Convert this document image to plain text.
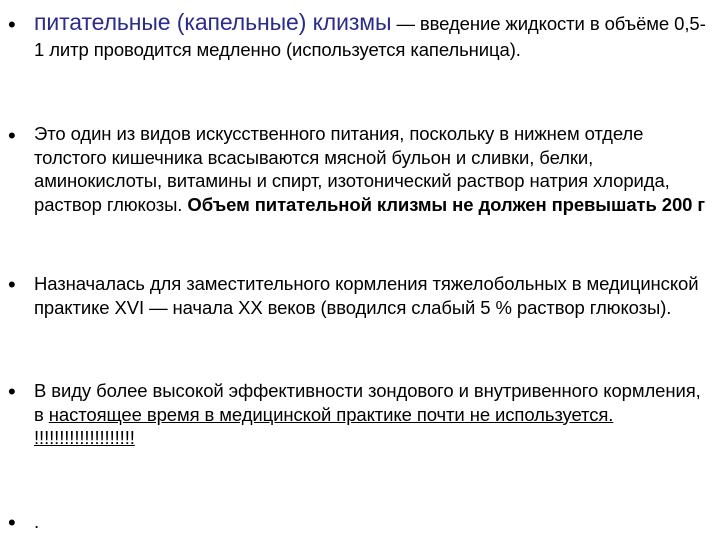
• питательные (капельные) клизмы — введение жидкости в объёме 0,5-1 литр проводится медленно (используется капельница).
• Это один из видов искусственного питания, поскольку в нижнем отделе толстого кишечника всасываются мясной бульон и сливки, белки, аминокислоты, витамины и спирт, изотонический раствор натрия хлорида, раствор глюкозы. Объем питательной клизмы не должен превышать 200 г
• Назначалась для заместительного кормления тяжелобольных в медицинской практике XVI — начала XX веков (вводился слабый 5 % раствор глюкозы).
• В виду более высокой эффективности зондового и внутривенного кормления, в настоящее время в медицинской практике почти не используется. !!!!!!!!!!!!!!!!!!!!
• .
